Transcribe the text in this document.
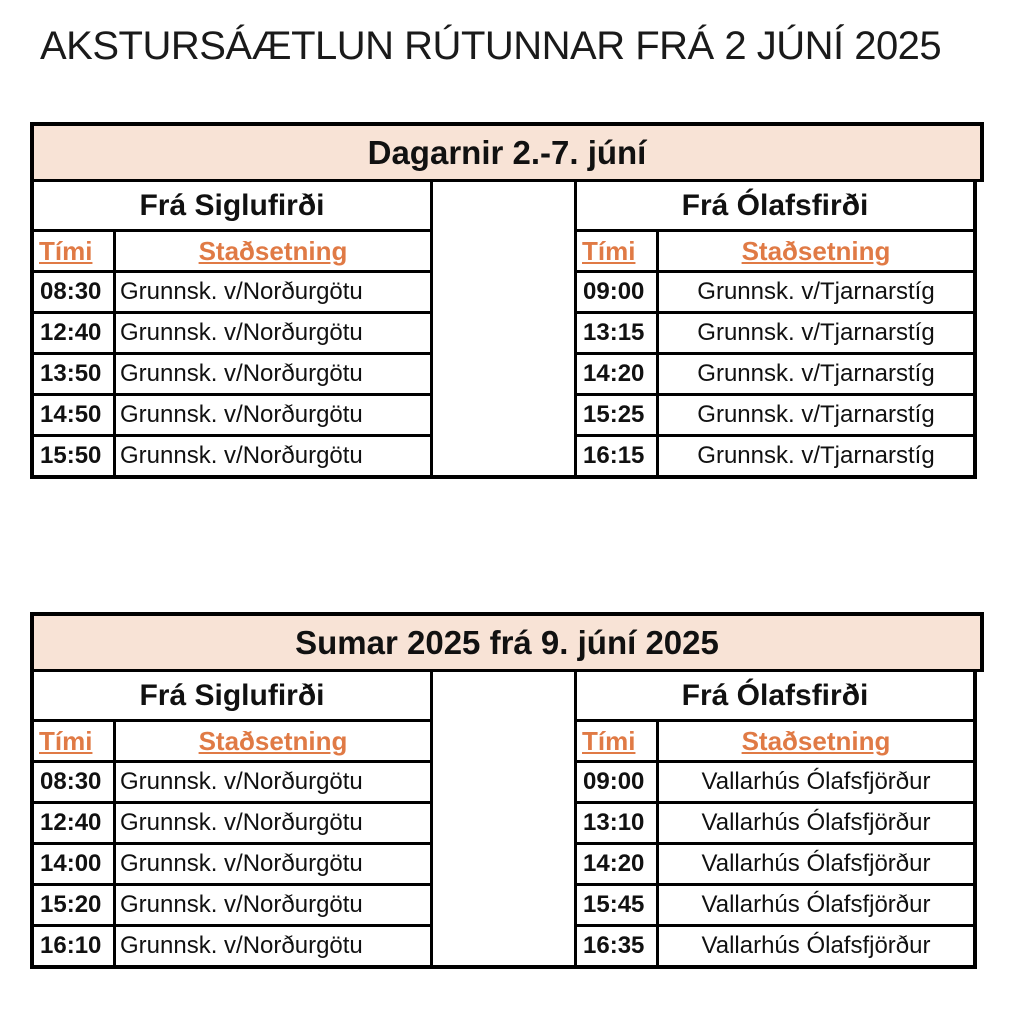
AKSTURSÁÆTLUN RÚTUNNAR FRÁ 2 JÚNÍ 2025
Dagarnir 2.-7. júní
Frá Siglufirði
Tími	Staðsetning
08:30 Grunnsk. v/Norðurgötu
12:40 Grunnsk. v/Norðurgötu
13:50 Grunnsk. v/Norðurgötu
14:50 Grunnsk. v/Norðurgötu
15:50 Grunnsk. v/Norðurgötu
Frá Ólafsfirði
Tími	Staðsetning
09:00	Grunnsk. v/Tjarnarstíg
13:15	Grunnsk. v/Tjarnarstíg
14:20	Grunnsk. v/Tjarnarstíg
15:25	Grunnsk. v/Tjarnarstíg
16:15	Grunnsk. v/Tjarnarstíg
Sumar 2025 frá 9. júní 2025
Frá Siglufirði
Tími	Staðsetning
08:30 Grunnsk. v/Norðurgötu
12:40 Grunnsk. v/Norðurgötu
14:00 Grunnsk. v/Norðurgötu
15:20 Grunnsk. v/Norðurgötu
16:10 Grunnsk. v/Norðurgötu
Frá Ólafsfirði
Tími	Staðsetning
09:00	Vallarhús Ólafsfjörður
13:10	Vallarhús Ólafsfjörður
14:20	Vallarhús Ólafsfjörður
15:45	Vallarhús Ólafsfjörður
16:35	Vallarhús Ólafsfjörður
